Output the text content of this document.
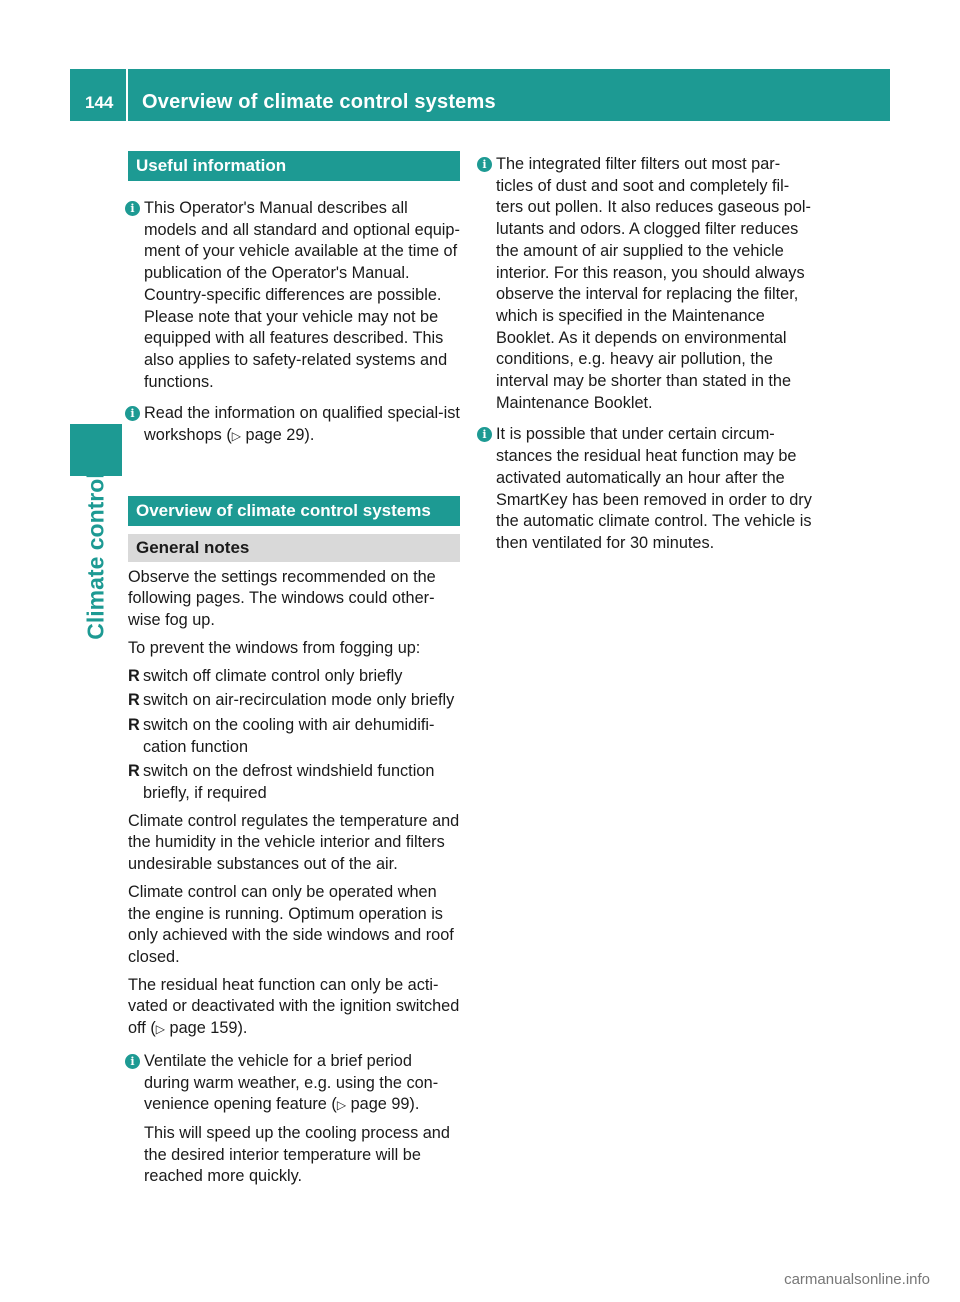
144 Overview of climate control systems
Climate control
Useful information
i This Operator's Manual describes all models and all standard and optional equip-ment of your vehicle available at the time of publication of the Operator's Manual. Country-specific differences are possible. Please note that your vehicle may not be equipped with all features described. This also applies to safety-related systems and functions.

i Read the information on qualified special-ist workshops (▷ page 29).

Overview of climate control systems
General notes

Observe the settings recommended on the following pages. The windows could other-wise fog up.

To prevent the windows from fogging up:

R switch off climate control only briefly
R switch on air-recirculation mode only briefly
R switch on the cooling with air dehumidifi-cation function
R switch on the defrost windshield function briefly, if required

Climate control regulates the temperature and the humidity in the vehicle interior and filters undesirable substances out of the air.

Climate control can only be operated when the engine is running. Optimum operation is only achieved with the side windows and roof closed.

The residual heat function can only be acti-vated or deactivated with the ignition switched off (▷ page 159).

i Ventilate the vehicle for a brief period during warm weather, e.g. using the con-venience opening feature (▷ page 99).

This will speed up the cooling process and the desired interior temperature will be reached more quickly.

i The integrated filter filters out most par-ticles of dust and soot and completely fil-ters out pollen. It also reduces gaseous pol-lutants and odors. A clogged filter reduces the amount of air supplied to the vehicle interior. For this reason, you should always observe the interval for replacing the filter, which is specified in the Maintenance Booklet. As it depends on environmental conditions, e.g. heavy air pollution, the interval may be shorter than stated in the Maintenance Booklet.

i It is possible that under certain circum-stances the residual heat function may be activated automatically an hour after the SmartKey has been removed in order to dry the automatic climate control. The vehicle is then ventilated for 30 minutes.

carmanualsonline.info
